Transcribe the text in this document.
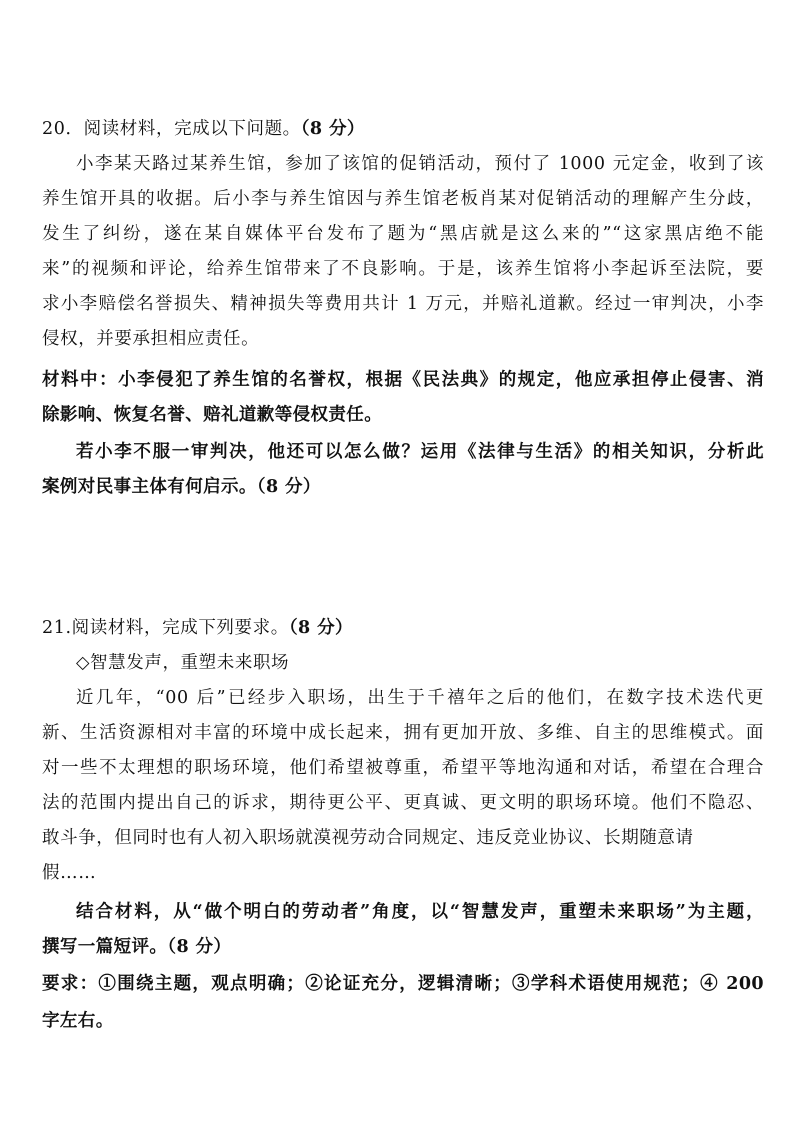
20．阅读材料，完成以下问题。（8 分）
小李某天路过某养生馆，参加了该馆的促销活动，预付了 1000 元定金，收到了该
养生馆开具的收据。后小李与养生馆因与养生馆老板肖某对促销活动的理解产生分歧，
发生了纠纷，遂在某自媒体平台发布了题为“黑店就是这么来的”“这家黑店绝不能
来”的视频和评论，给养生馆带来了不良影响。于是，该养生馆将小李起诉至法院，要
求小李赔偿名誉损失、精神损失等费用共计 1 万元，并赔礼道歉。经过一审判决，小李
侵权，并要承担相应责任。
材料中：小李侵犯了养生馆的名誉权，根据《民法典》的规定，他应承担停止侵害、消
除影响、恢复名誉、赔礼道歉等侵权责任。
若小李不服一审判决，他还可以怎么做？运用《法律与生活》的相关知识，分析此
案例对民事主体有何启示。（8 分）
21.阅读材料，完成下列要求。（8 分）
◇智慧发声，重塑未来职场
近几年，“00 后”已经步入职场，出生于千禧年之后的他们，在数字技术迭代更
新、生活资源相对丰富的环境中成长起来，拥有更加开放、多维、自主的思维模式。面
对一些不太理想的职场环境，他们希望被尊重，希望平等地沟通和对话，希望在合理合
法的范围内提出自己的诉求，期待更公平、更真诚、更文明的职场环境。他们不隐忍、
敢斗争，但同时也有人初入职场就漠视劳动合同规定、违反竞业协议、长期随意请
假……
结合材料，从“做个明白的劳动者”角度，以“智慧发声，重塑未来职场”为主题，
撰写一篇短评。（8 分）
要求：①围绕主题，观点明确；②论证充分，逻辑清晰；③学科术语使用规范；④ 200
字左右。
